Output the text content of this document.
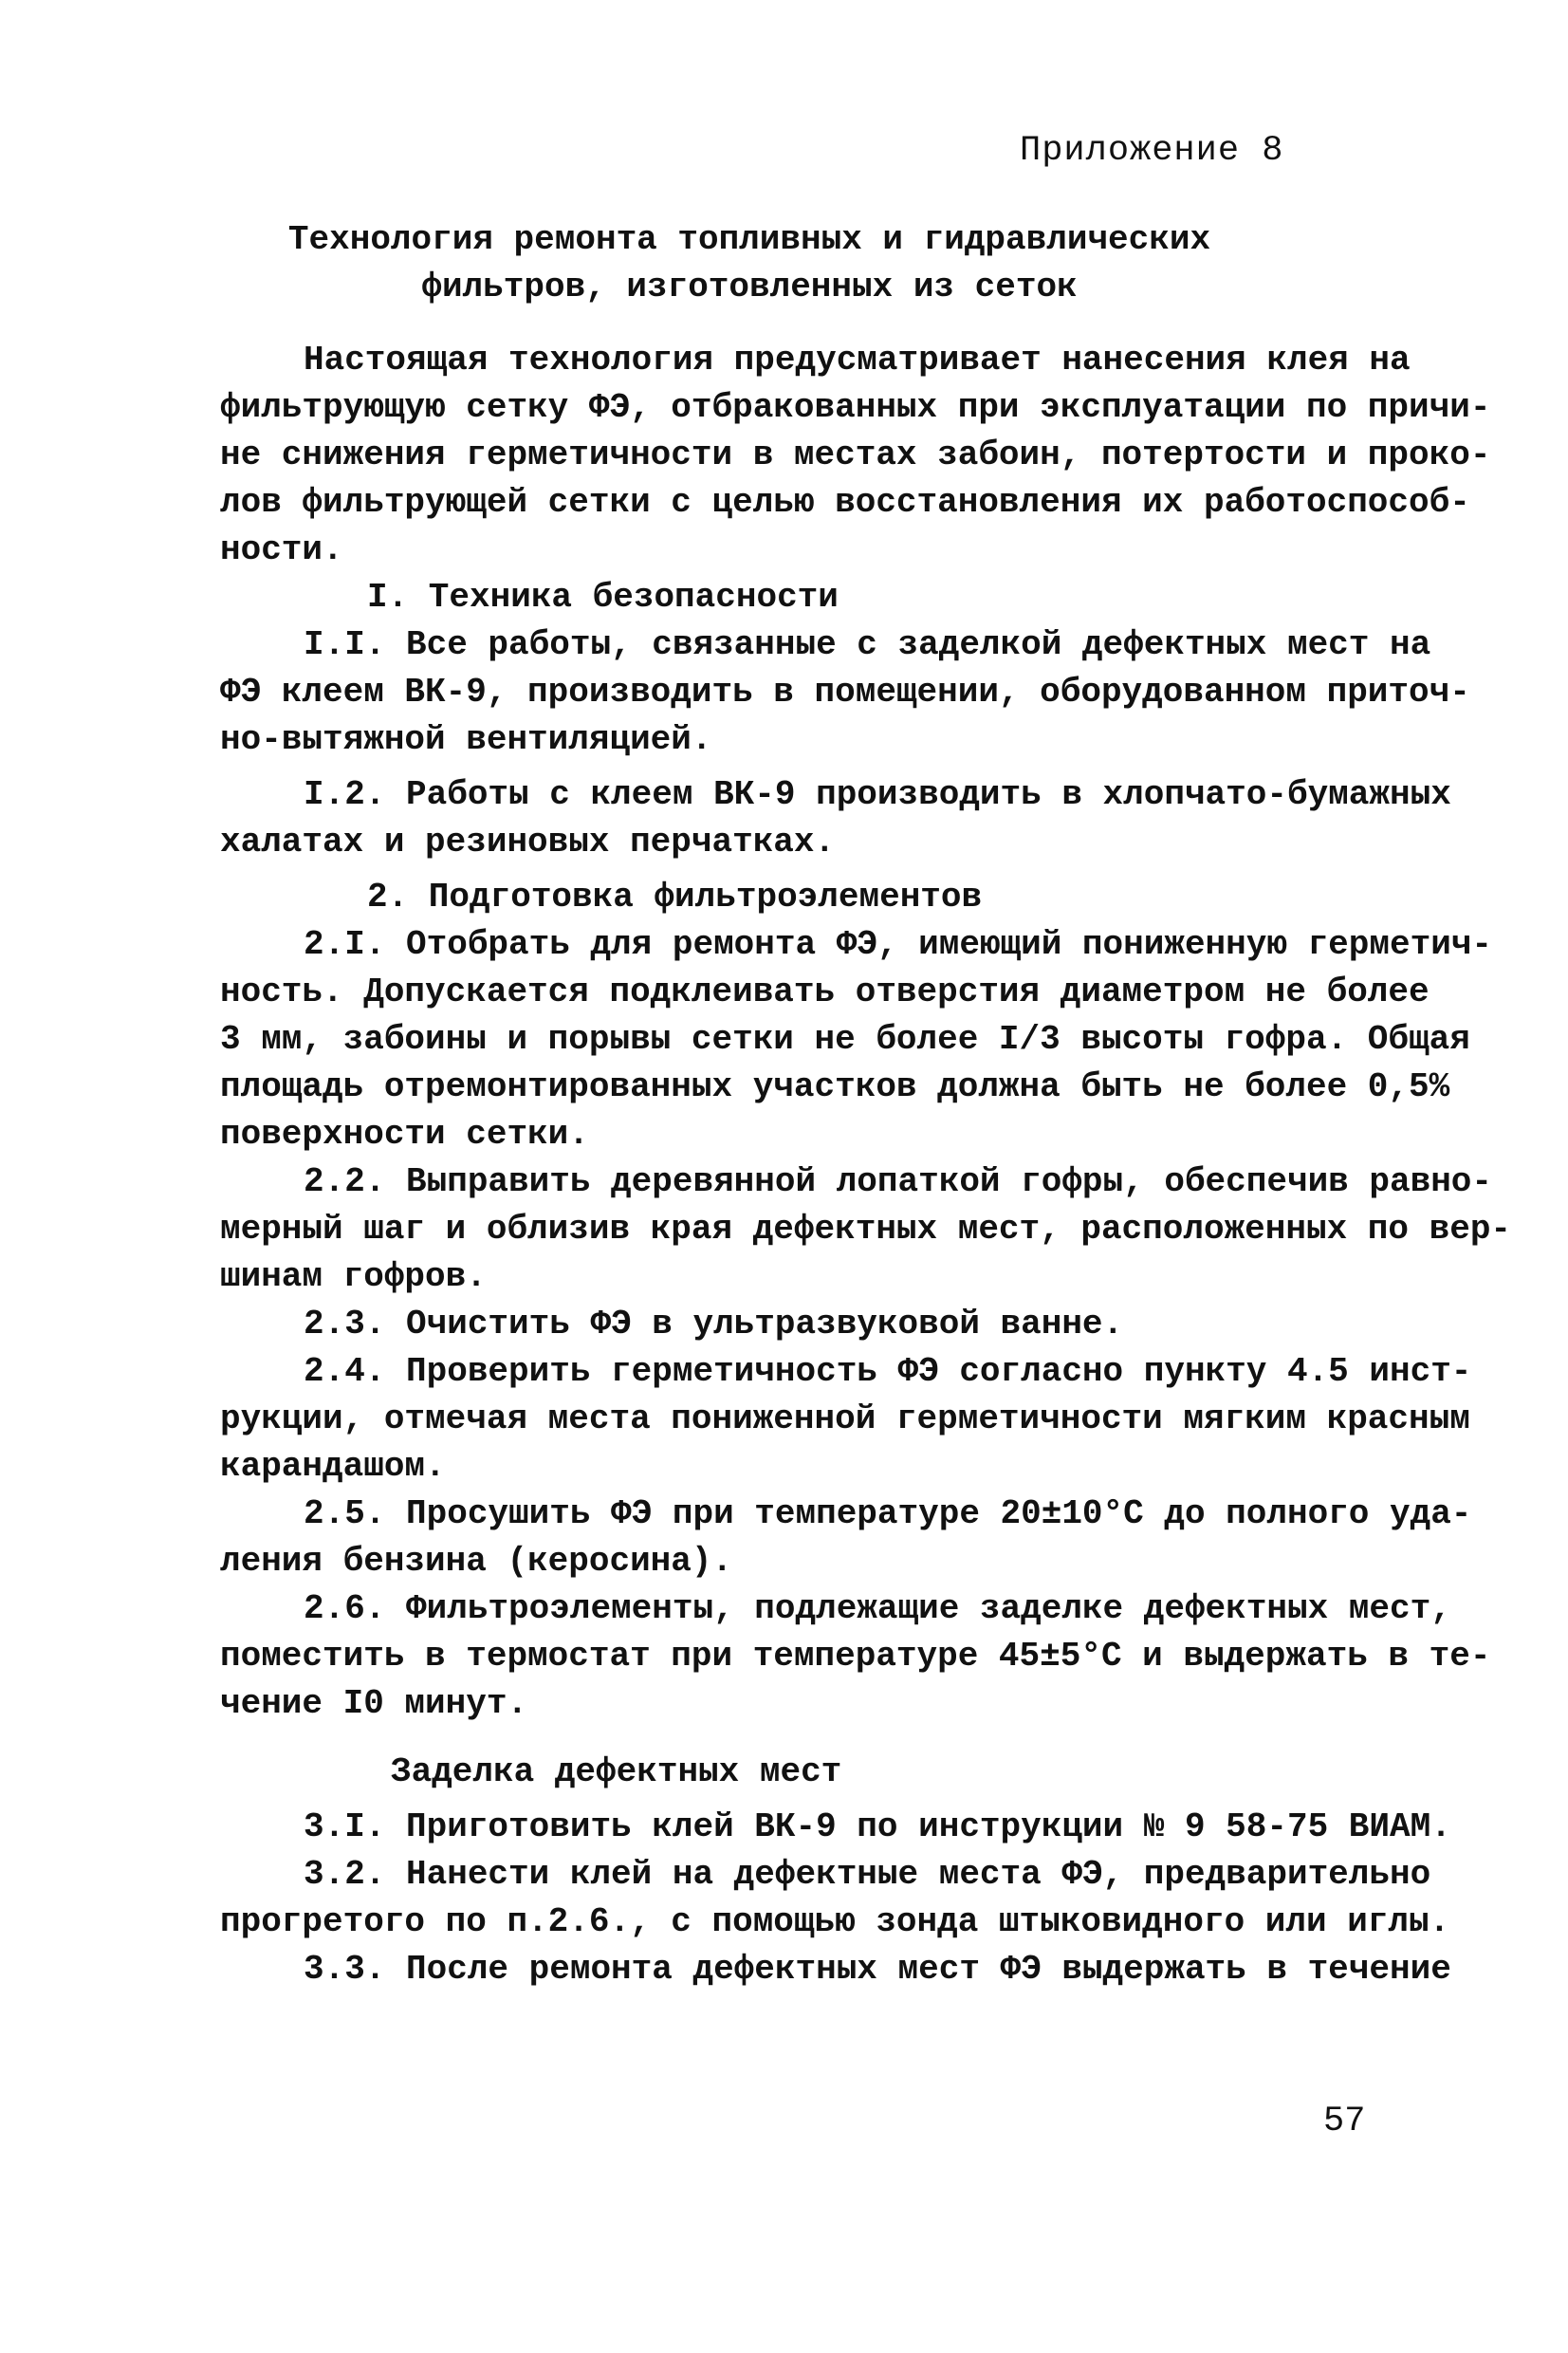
Приложение 8
Технология ремонта топливных и гидравлических
фильтров, изготовленных из сеток
Настоящая технология предусматривает нанесения клея на
фильтрующую сетку ФЭ, отбракованных при эксплуатации по причи-
не снижения герметичности в местах забоин, потертости и проко-
лов фильтрующей сетки с целью восстановления их работоспособ-
ности.
I. Техника безопасности
I.I. Все работы, связанные с заделкой дефектных мест на
ФЭ клеем ВК-9, производить в помещении, оборудованном приточ-
но-вытяжной вентиляцией.
I.2. Работы с клеем ВК-9 производить в хлопчато-бумажных
халатах и резиновых перчатках.
2. Подготовка фильтроэлементов
2.I. Отобрать для ремонта ФЭ, имеющий пониженную герметич-
ность. Допускается подклеивать отверстия диаметром не более
3 мм, забоины и порывы сетки не более I/3 высоты гофра. Общая
площадь отремонтированных участков должна быть не более 0,5%
поверхности сетки.
2.2. Выправить деревянной лопаткой гофры, обеспечив равно-
мерный шаг и облизив края дефектных мест, расположенных по вер-
шинам гофров.
2.3. Очистить ФЭ в ультразвуковой ванне.
2.4. Проверить герметичность ФЭ согласно пункту 4.5 инст-
рукции, отмечая места пониженной герметичности мягким красным
карандашом.
2.5. Просушить ФЭ при температуре 20±10°С до полного уда-
ления бензина (керосина).
2.6. Фильтроэлементы, подлежащие заделке дефектных мест,
поместить в термостат при температуре 45±5°С и выдержать в те-
чение I0 минут.
Заделка дефектных мест
3.I. Приготовить клей ВК-9 по инструкции № 9 58-75 ВИАМ.
3.2. Нанести клей на дефектные места ФЭ, предварительно
прогретого по п.2.6., с помощью зонда штыковидного или иглы.
3.3. После ремонта дефектных мест ФЭ выдержать в течение
57
